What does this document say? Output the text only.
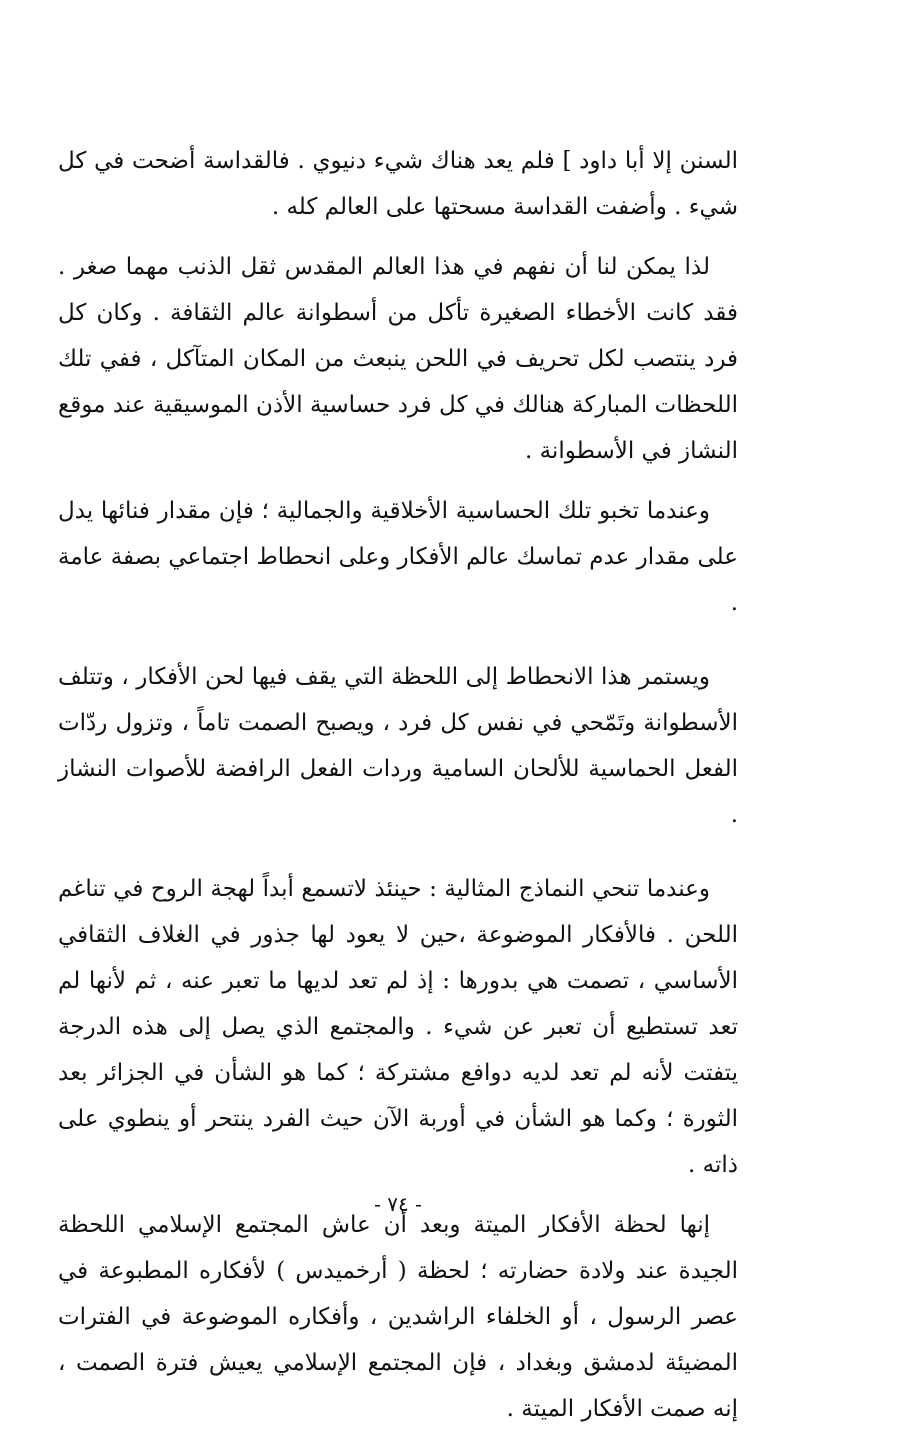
السنن إلا أبا داود ] فلم يعد هناك شيء دنيوي . فالقداسة أضحت في كل شيء . وأضفت القداسة مسحتها على العالم كله .

لذا يمكن لنا أن نفهم في هذا العالم المقدس ثقل الذنب مهما صغر . فقد كانت الأخطاء الصغيرة تأكل من أسطوانة عالم الثقافة . وكان كل فرد ينتصب لكل تحريف في اللحن ينبعث من المكان المتآكل ، ففي تلك اللحظات المباركة هنالك في كل فرد حساسية الأذن الموسيقية عند موقع النشاز في الأسطوانة .

وعندما تخبو تلك الحساسية الأخلاقية والجمالية ؛ فإن مقدار فنائها يدل على مقدار عدم تماسك عالم الأفكار وعلى انحطاط اجتماعي بصفة عامة .

ويستمر هذا الانحطاط إلى اللحظة التي يقف فيها لحن الأفكار ، وتتلف الأسطوانة وتَمّحي في نفس كل فرد ، ويصبح الصمت تاماً ، وتزول ردّات الفعل الحماسية للألحان السامية وردات الفعل الرافضة للأصوات النشاز .

وعندما تنحي النماذج المثالية : حينئذ لاتسمع أبداً لهجة الروح في تناغم اللحن . فالأفكار الموضوعة ،حين لا يعود لها جذور في الغلاف الثقافي الأساسي ، تصمت هي بدورها : إذ لم تعد لديها ما تعبر عنه ، ثم لأنها لم تعد تستطيع أن تعبر عن شيء . والمجتمع الذي يصل إلى هذه الدرجة يتفتت لأنه لم تعد لديه دوافع مشتركة ؛ كما هو الشأن في الجزائر بعد الثورة ؛ وكما هو الشأن في أوربة الآن حيث الفرد ينتحر أو ينطوي على ذاته .

إنها لحظة الأفكار الميتة وبعد أن عاش المجتمع الإسلامي اللحظة الجيدة عند ولادة حضارته ؛ لحظة ( أرخميدس ) لأفكاره المطبوعة في عصر الرسول ، أو الخلفاء الراشدين ، وأفكاره الموضوعة في الفترات المضيئة لدمشق وبغداد ، فإن المجتمع الإسلامي يعيش فترة الصمت ، إنه صمت الأفكار الميتة .

- ٧٤ -
